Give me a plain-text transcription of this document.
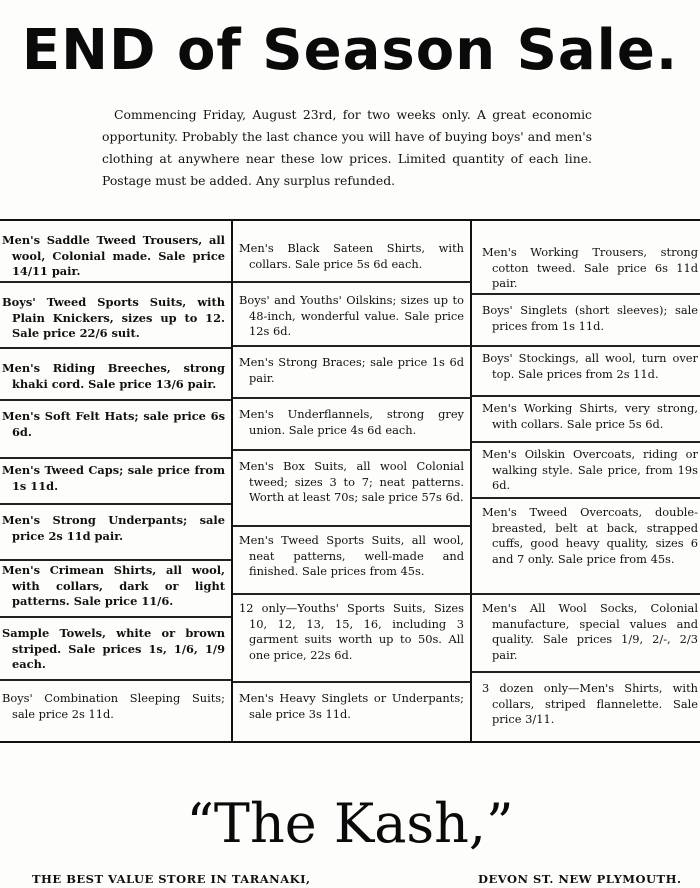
END of Season Sale.
Commencing Friday, August 23rd, for two weeks only. A great economic opportunity. Probably the last chance you will have of buying boys' and men's clothing at anywhere near these low prices. Limited quantity of each line. Postage must be added. Any surplus refunded.

Men's Saddle Tweed Trousers, all wool, Colonial made. Sale price 14/11 pair.

Boys' Tweed Sports Suits, with Plain Knickers, sizes up to 12. Sale price 22/6 suit.

Men's Riding Breeches, strong khaki cord. Sale price 13/6 pair.

Men's Soft Felt Hats; sale price 6s 6d.

Men's Tweed Caps; sale price from 1s 11d.

Men's Strong Underpants; sale price 2s 11d pair.

Men's Crimean Shirts, all wool, with collars, dark or light patterns. Sale price 11/6.

Sample Towels, white or brown striped. Sale prices 1s, 1/6, 1/9 each.

Boys' Combination Sleeping Suits; sale price 2s 11d.

Men's Black Sateen Shirts, with collars. Sale price 5s 6d each.

Boys' and Youths' Oilskins; sizes up to 48-inch, wonderful value. Sale price 12s 6d.

Men's Strong Braces; sale price 1s 6d pair.

Men's Underflannels, strong grey union. Sale price 4s 6d each.

Men's Box Suits, all wool Colonial tweed; sizes 3 to 7; neat patterns. Worth at least 70s; sale price 57s 6d.

Men's Tweed Sports Suits, all wool, neat patterns, well-made and finished. Sale prices from 45s.

12 only—Youths' Sports Suits, Sizes 10, 12, 13, 15, 16, including 3 garment suits worth up to 50s. All one price, 22s 6d.

Men's Heavy Singlets or Underpants; sale price 3s 11d.

Men's Working Trousers, strong cotton tweed. Sale price 6s 11d pair.

Boys' Singlets (short sleeves); sale prices from 1s 11d.

Boys' Stockings, all wool, turn over top. Sale prices from 2s 11d.

Men's Working Shirts, very strong, with collars. Sale price 5s 6d.

Men's Oilskin Overcoats, riding or walking style. Sale price, from 19s 6d.

Men's Tweed Overcoats, double-breasted, belt at back, strapped cuffs, good heavy quality, sizes 6 and 7 only. Sale price from 45s.

Men's All Wool Socks, Colonial manufacture, special values and quality. Sale prices 1/9, 2/-, 2/3 pair.

3 dozen only—Men's Shirts, with collars, striped flannelette. Sale price 3/11.

“The Kash,”
THE BEST VALUE STORE IN TARANAKI,	DEVON ST. NEW PLYMOUTH.
